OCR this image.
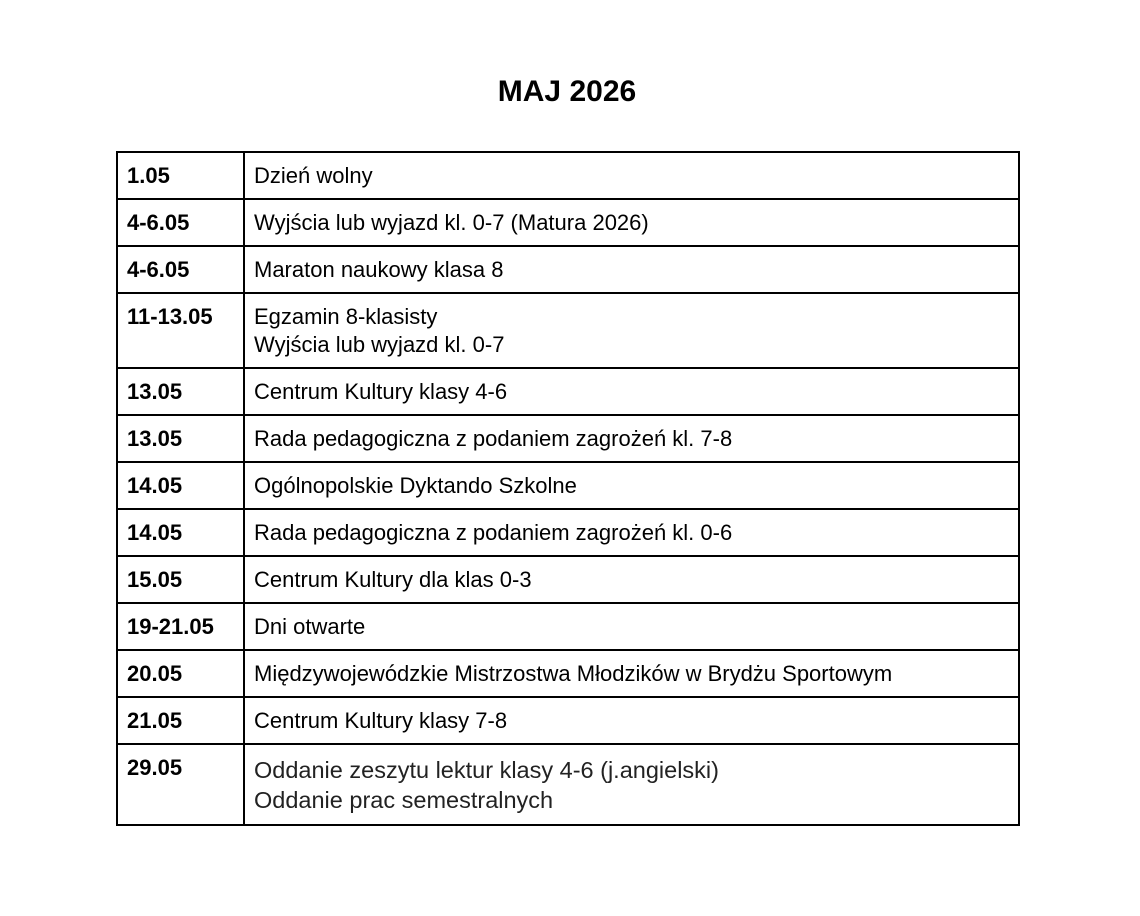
MAJ 2026
1.05	Dzień wolny

4-6.05	Wyjścia lub wyjazd kl. 0-7 (Matura 2026)

4-6.05	Maraton naukowy klasa 8

11-13.05	Egzamin 8-klasisty
Wyjścia lub wyjazd kl. 0-7

13.05	Centrum Kultury klasy 4-6

13.05	Rada pedagogiczna z podaniem zagrożeń kl. 7-8

14.05	Ogólnopolskie Dyktando Szkolne

14.05	Rada pedagogiczna z podaniem zagrożeń kl. 0-6

15.05	Centrum Kultury dla klas 0-3

19-21.05	Dni otwarte

20.05	Międzywojewódzkie Mistrzostwa Młodzików w Brydżu Sportowym

21.05	Centrum Kultury klasy 7-8

29.05	Oddanie zeszytu lektur klasy 4-6 (j.angielski)
Oddanie prac semestralnych
